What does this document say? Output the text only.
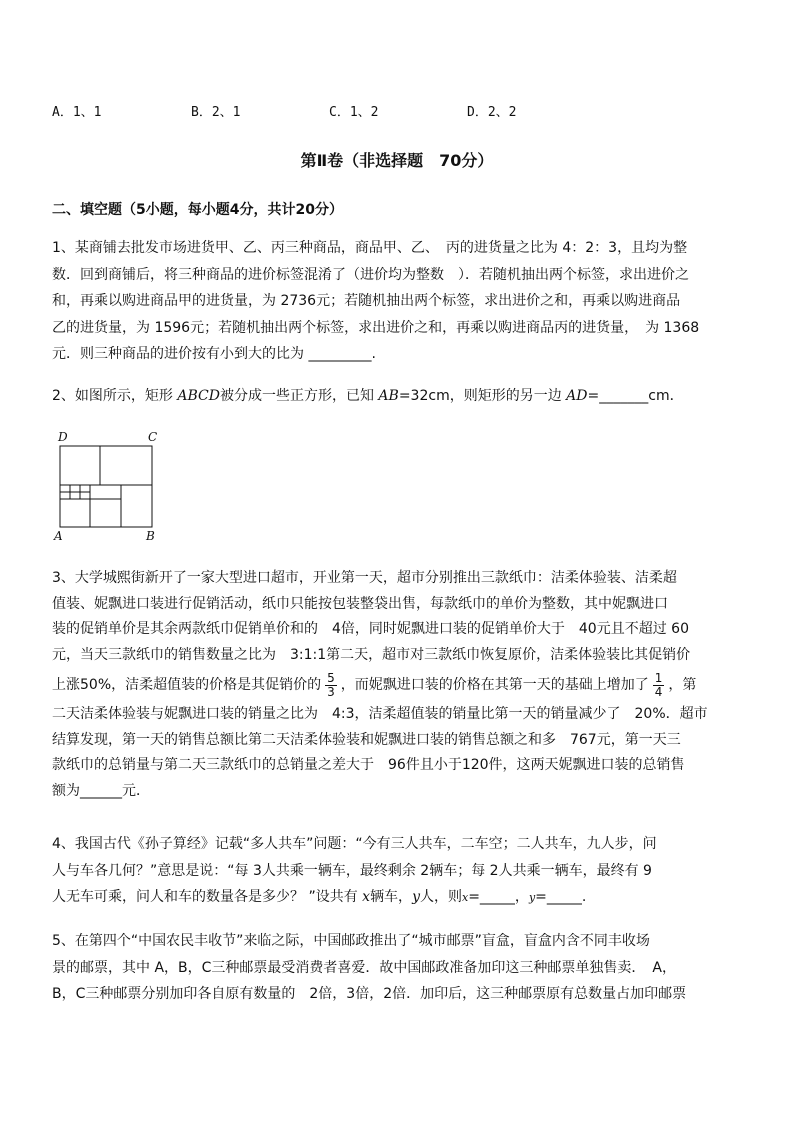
A．1、1	B．2、1	C．1、2	D．2、2
第Ⅱ卷（非选择题　70分）
二、填空题（5小题，每小题4分，共计20分）
1、某商铺去批发市场进货甲、乙、丙三种商品，商品甲、乙、　丙的进货量之比为 4：2：3，且均为整
数．回到商铺后，将三种商品的进价标签混淆了（进价均为整数　）．若随机抽出两个标签，求出进价之
和，再乘以购进商品甲的进货量，为 2736元；若随机抽出两个标签，求出进价之和，再乘以购进商品
乙的进货量，为 1596元；若随机抽出两个标签，求出进价之和，再乘以购进商品丙的进货量，　为 1368
元．则三种商品的进价按有小到大的比为 _________.
2、如图所示，矩形 ABCD被分成一些正方形，已知 AB=32cm，则矩形的另一边 AD=_______cm．
D	C
A	B
3、大学城熙街新开了一家大型进口超市，开业第一天，超市分别推出三款纸巾：洁柔体验装、洁柔超
值装、妮飘进口装进行促销活动，纸巾只能按包装整袋出售，每款纸巾的单价为整数，其中妮飘进口
装的促销单价是其余两款纸巾促销单价和的　4倍，同时妮飘进口装的促销单价大于　40元且不超过 60
元，当天三款纸巾的销售数量之比为　3:1:1第二天，超市对三款纸巾恢复原价，洁柔体验装比其促销价
上涨50%，洁柔超值装的价格是其促销价的 $\frac{5}{3}$ ，而妮飘进口装的价格在其第一天的基础上增加了 $\frac{1}{4}$ ，第
二天洁柔体验装与妮飘进口装的销量之比为　4:3，洁柔超值装的销量比第一天的销量减少了　20%．超市
结算发现，第一天的销售总额比第二天洁柔体验装和妮飘进口装的销售总额之和多　767元，第一天三
款纸巾的总销量与第二天三款纸巾的总销量之差大于　96件且小于120件，这两天妮飘进口装的总销售
额为______元．
4、我国古代《孙子算经》记载“多人共车”问题：“今有三人共车，二车空；二人共车，九人步，问
人与车各几何？”意思是说：“每 3人共乘一辆车，最终剩余 2辆车；每 2人共乘一辆车，最终有 9
人无车可乘，问人和车的数量各是多少？ ”设共有 x辆车，y人，则x=_____，y=_____.
5、在第四个“中国农民丰收节”来临之际，中国邮政推出了“城市邮票”盲盒，盲盒内含不同丰收场
景的邮票，其中 A，B，C三种邮票最受消费者喜爱．故中国邮政准备加印这三种邮票单独售卖．　A，
B，C三种邮票分别加印各自原有数量的　2倍，3倍，2倍．加印后，这三种邮票原有总数量占加印邮票
